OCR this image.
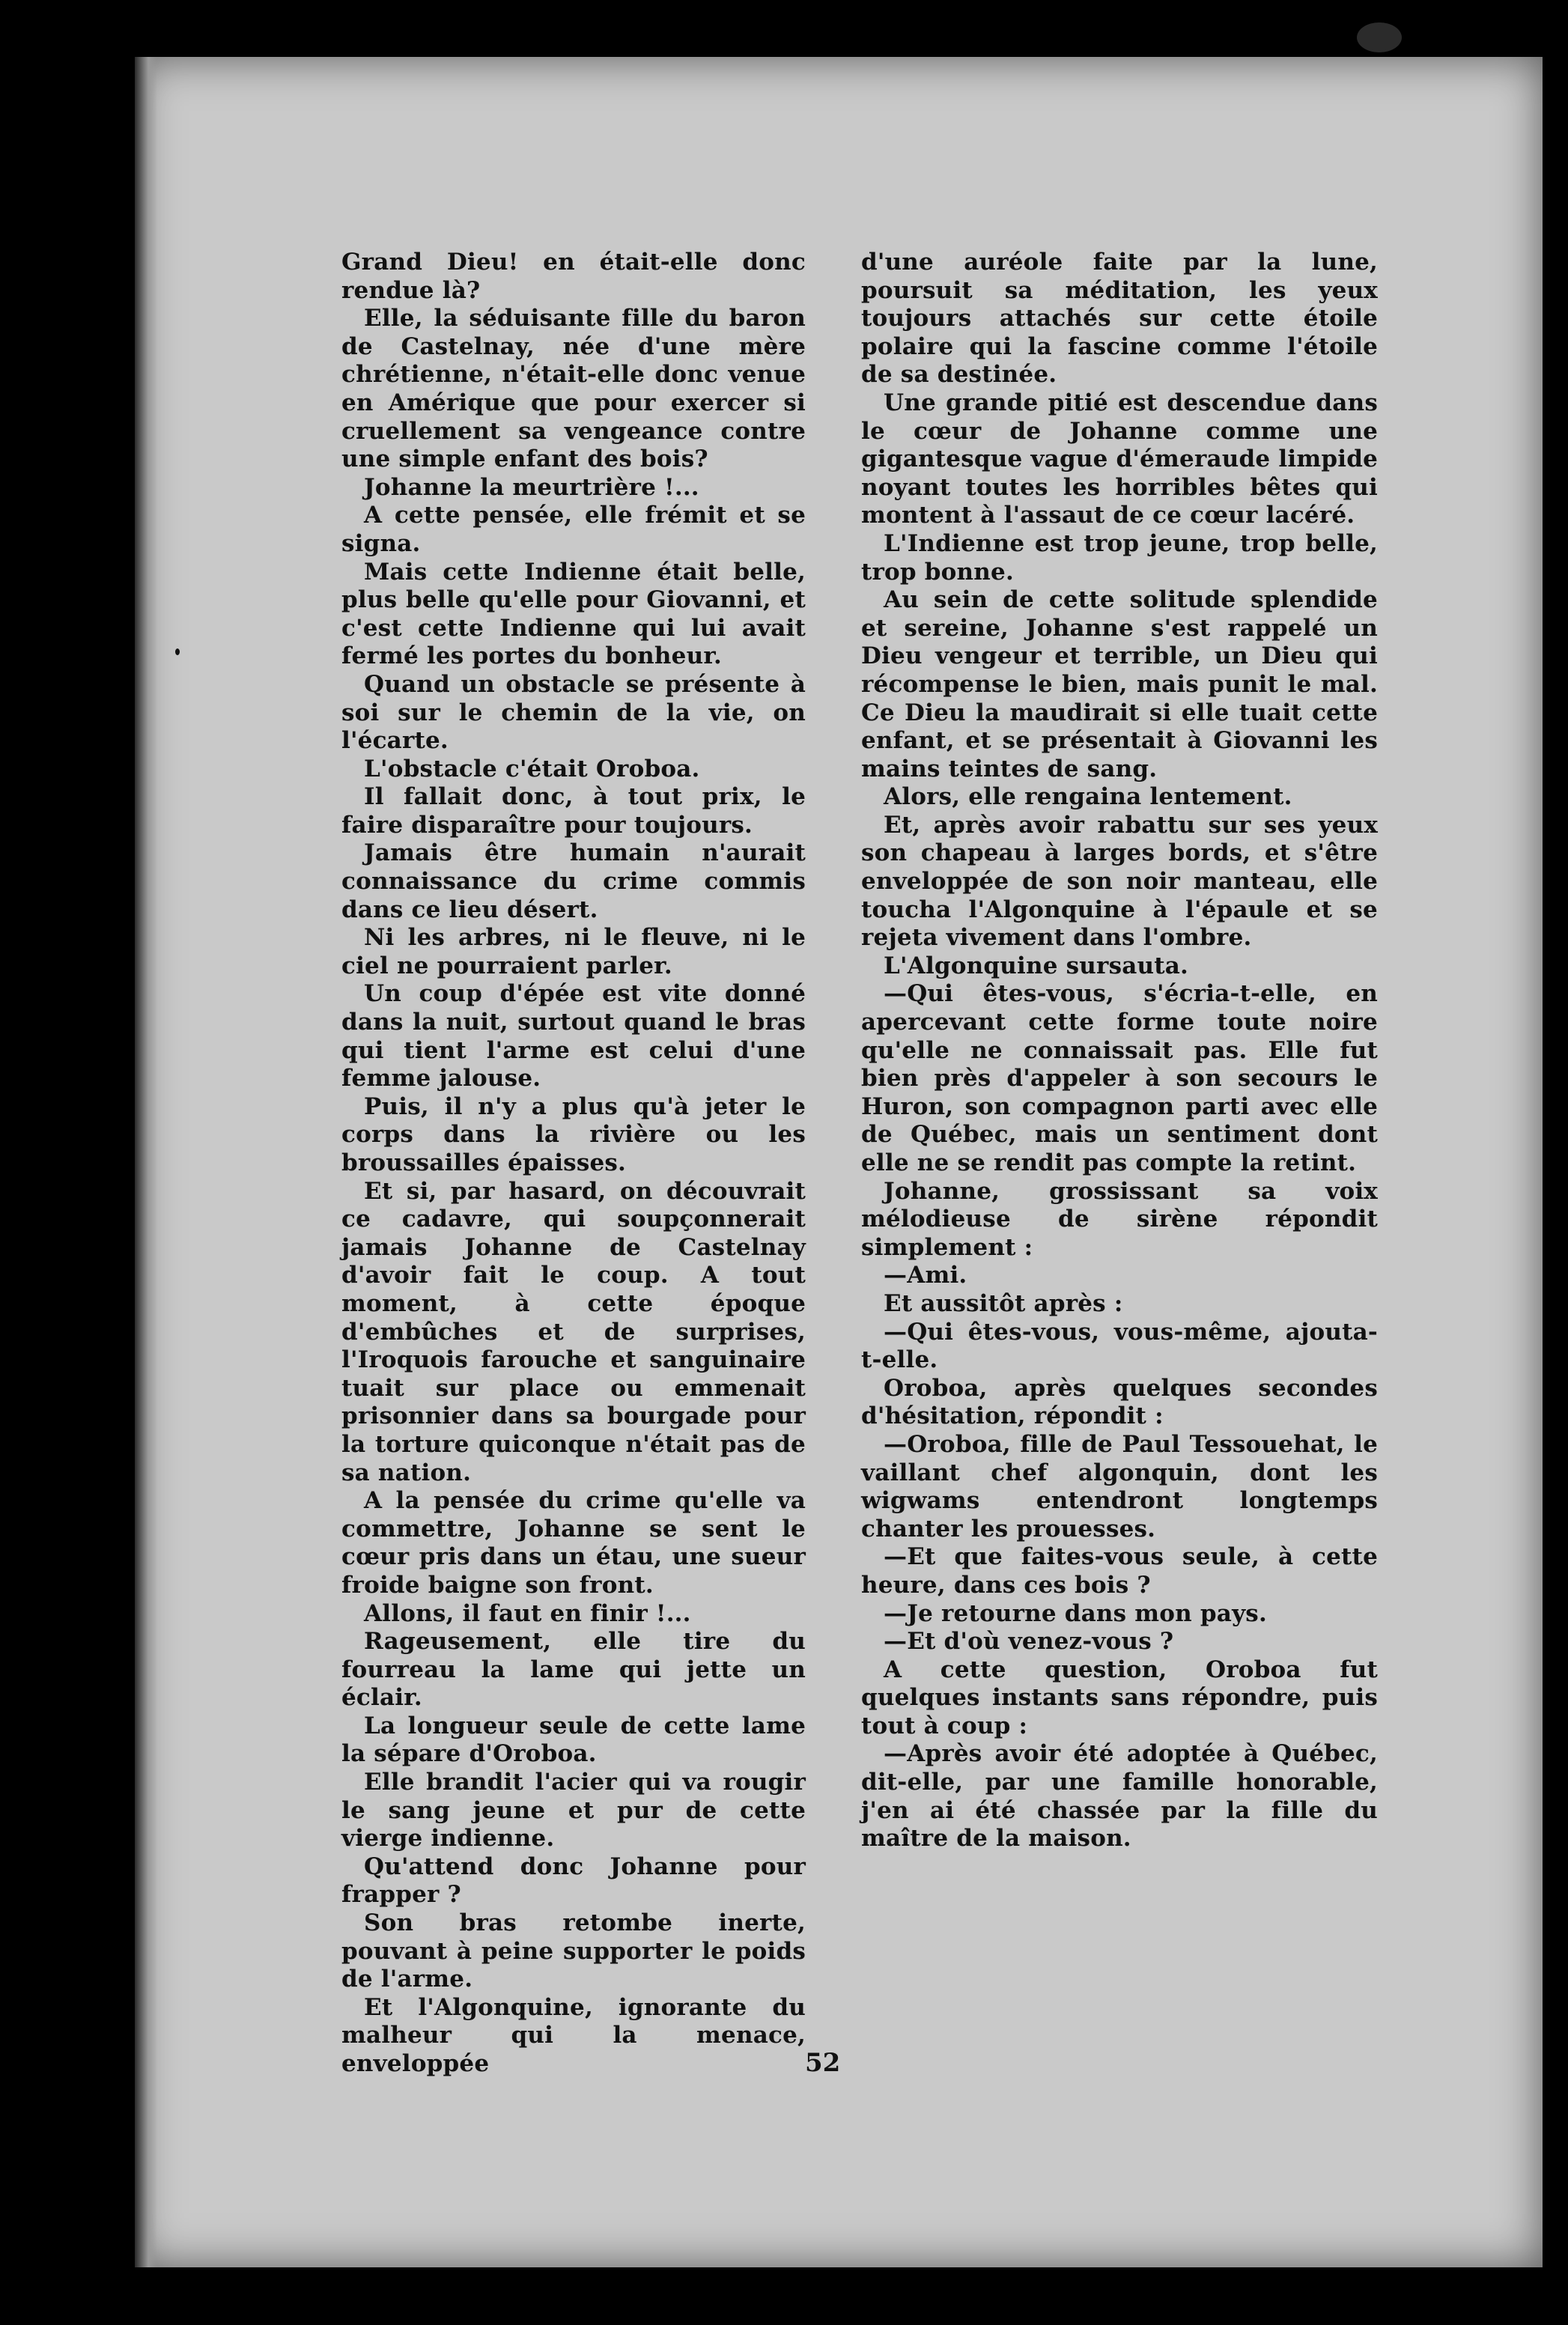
Grand Dieu! en était-elle donc rendue là?

Elle, la séduisante fille du baron de Castelnay, née d'une mère chrétienne, n'était-elle donc venue en Amérique que pour exercer si cruellement sa vengeance contre une simple enfant des bois?

Johanne la meurtrière !...

A cette pensée, elle frémit et se signa.

Mais cette Indienne était belle, plus belle qu'elle pour Giovanni, et c'est cette Indienne qui lui avait fermé les portes du bonheur.

Quand un obstacle se présente à soi sur le chemin de la vie, on l'écarte.

L'obstacle c'était Oroboa.

Il fallait donc, à tout prix, le faire disparaître pour toujours.

Jamais être humain n'aurait connaissance du crime commis dans ce lieu désert.

Ni les arbres, ni le fleuve, ni le ciel ne pourraient parler.

Un coup d'épée est vite donné dans la nuit, surtout quand le bras qui tient l'arme est celui d'une femme jalouse.

Puis, il n'y a plus qu'à jeter le corps dans la rivière ou les broussailles épaisses.

Et si, par hasard, on découvrait ce cadavre, qui soupçonnerait jamais Johanne de Castelnay d'avoir fait le coup. A tout moment, à cette époque d'embûches et de surprises, l'Iroquois farouche et sanguinaire tuait sur place ou emmenait prisonnier dans sa bourgade pour la torture quiconque n'était pas de sa nation.

A la pensée du crime qu'elle va commettre, Johanne se sent le cœur pris dans un étau, une sueur froide baigne son front.

Allons, il faut en finir !...

Rageusement, elle tire du fourreau la lame qui jette un éclair.

La longueur seule de cette lame la sépare d'Oroboa.

Elle brandit l'acier qui va rougir le sang jeune et pur de cette vierge indienne.

Qu'attend donc Johanne pour frapper ?

Son bras retombe inerte, pouvant à peine supporter le poids de l'arme.

Et l'Algonquine, ignorante du malheur qui la menace, enveloppée

d'une auréole faite par la lune, poursuit sa méditation, les yeux toujours attachés sur cette étoile polaire qui la fascine comme l'étoile de sa destinée.

Une grande pitié est descendue dans le cœur de Johanne comme une gigantesque vague d'émeraude limpide noyant toutes les horribles bêtes qui montent à l'assaut de ce cœur lacéré.

L'Indienne est trop jeune, trop belle, trop bonne.

Au sein de cette solitude splendide et sereine, Johanne s'est rappelé un Dieu vengeur et terrible, un Dieu qui récompense le bien, mais punit le mal. Ce Dieu la maudirait si elle tuait cette enfant, et se présentait à Giovanni les mains teintes de sang.

Alors, elle rengaina lentement.

Et, après avoir rabattu sur ses yeux son chapeau à larges bords, et s'être enveloppée de son noir manteau, elle toucha l'Algonquine à l'épaule et se rejeta vivement dans l'ombre.

L'Algonquine sursauta.

—Qui êtes-vous, s'écria-t-elle, en apercevant cette forme toute noire qu'elle ne connaissait pas. Elle fut bien près d'appeler à son secours le Huron, son compagnon parti avec elle de Québec, mais un sentiment dont elle ne se rendit pas compte la retint.

Johanne, grossissant sa voix mélodieuse de sirène répondit simplement :

—Ami.

Et aussitôt après :

—Qui êtes-vous, vous-même, ajouta-t-elle.

Oroboa, après quelques secondes d'hésitation, répondit :

—Oroboa, fille de Paul Tessouehat, le vaillant chef algonquin, dont les wigwams entendront longtemps chanter les prouesses.

—Et que faites-vous seule, à cette heure, dans ces bois ?

—Je retourne dans mon pays.

—Et d'où venez-vous ?

A cette question, Oroboa fut quelques instants sans répondre, puis tout à coup :

—Après avoir été adoptée à Québec, dit-elle, par une famille honorable, j'en ai été chassée par la fille du maître de la maison.

52
